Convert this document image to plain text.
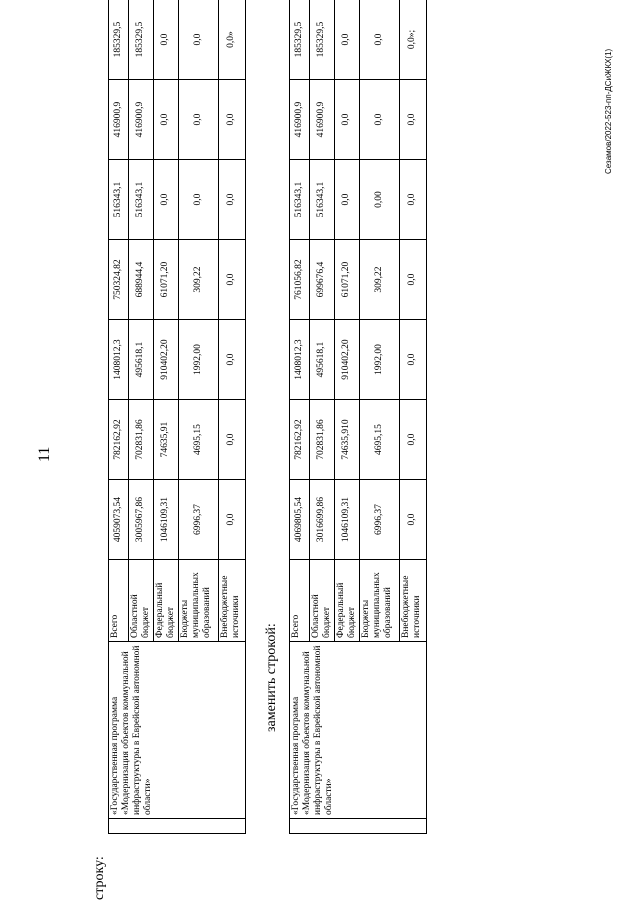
11
строку:
	«Государственная программа «Модернизация объектов коммунальной инфраструктуры в Еврейской автономной области»	Всего	4059073,54	782162,92	1408012,3	750324,82	516343,1	416900,9	185329,5
		Областной бюджет	3005967,86	702831,86	495618,1	688944,4	516343,1	416900,9	185329,5
		Федеральный бюджет	1046109,31	74635,91	910402,20	61071,20	0,0	0,0	0,0
		Бюджеты муниципальных образований	6996,37	4695,15	1992,00	309,22	0,0	0,0	0,0
		Внебюджетные источники	0,0	0,0	0,0	0,0	0,0	0,0	0,0»
заменить строкой:
	«Государственная программа «Модернизация объектов коммунальной инфраструктуры в Еврейской автономной области»	Всего	4069805,54	782162,92	1408012,3	761056,82	516343,1	416900,9	185329,5
		Областной бюджет	3016699,86	702831,86	495618,1	699676,4	516343,1	416900,9	185329,5
		Федеральный бюджет	1046109,31	74635,910	910402,20	61071,20	0,0	0,0	0,0
		Бюджеты муниципальных образований	6996,37	4695,15	1992,00	309,22	0,00	0,0	0,0
		Внебюджетные источники	0,0	0,0	0,0	0,0	0,0	0,0	0,0»;
Сезамов/2022-523-пп-ДСиЖКХ(1)
